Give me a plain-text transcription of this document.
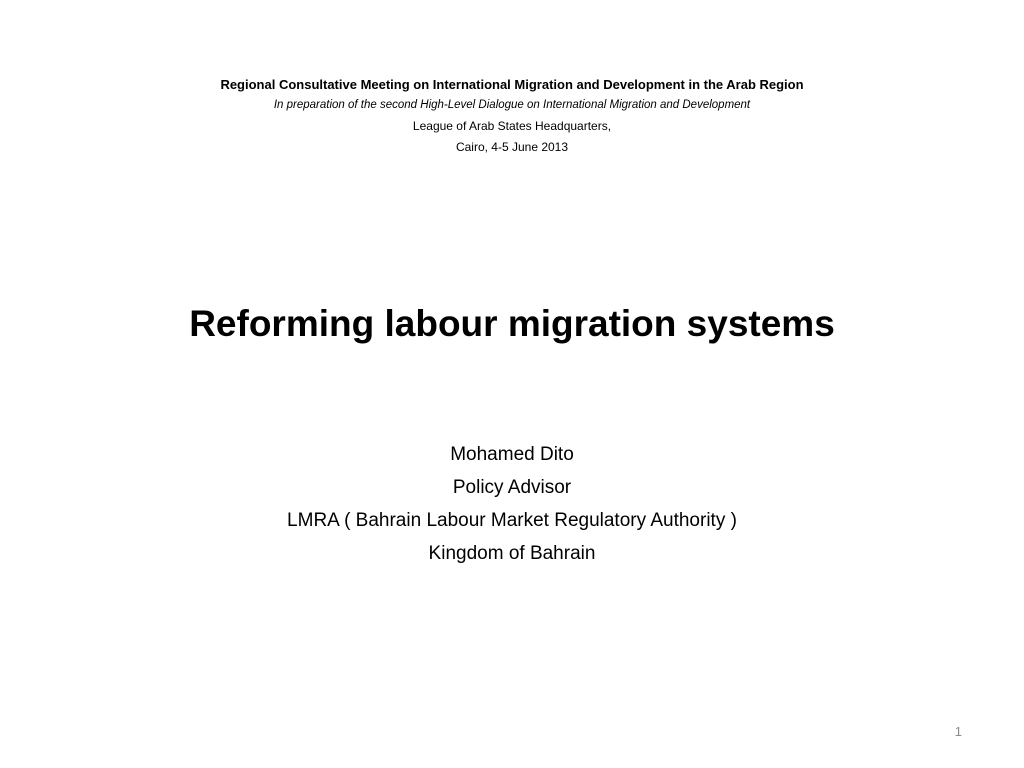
Regional Consultative Meeting on International Migration and Development in the Arab Region
In preparation of the second High-Level Dialogue on International Migration and Development
League of Arab States Headquarters,
Cairo, 4-5 June 2013
Reforming labour migration systems
Mohamed Dito
Policy Advisor
LMRA ( Bahrain Labour Market Regulatory Authority )
Kingdom of Bahrain
1
